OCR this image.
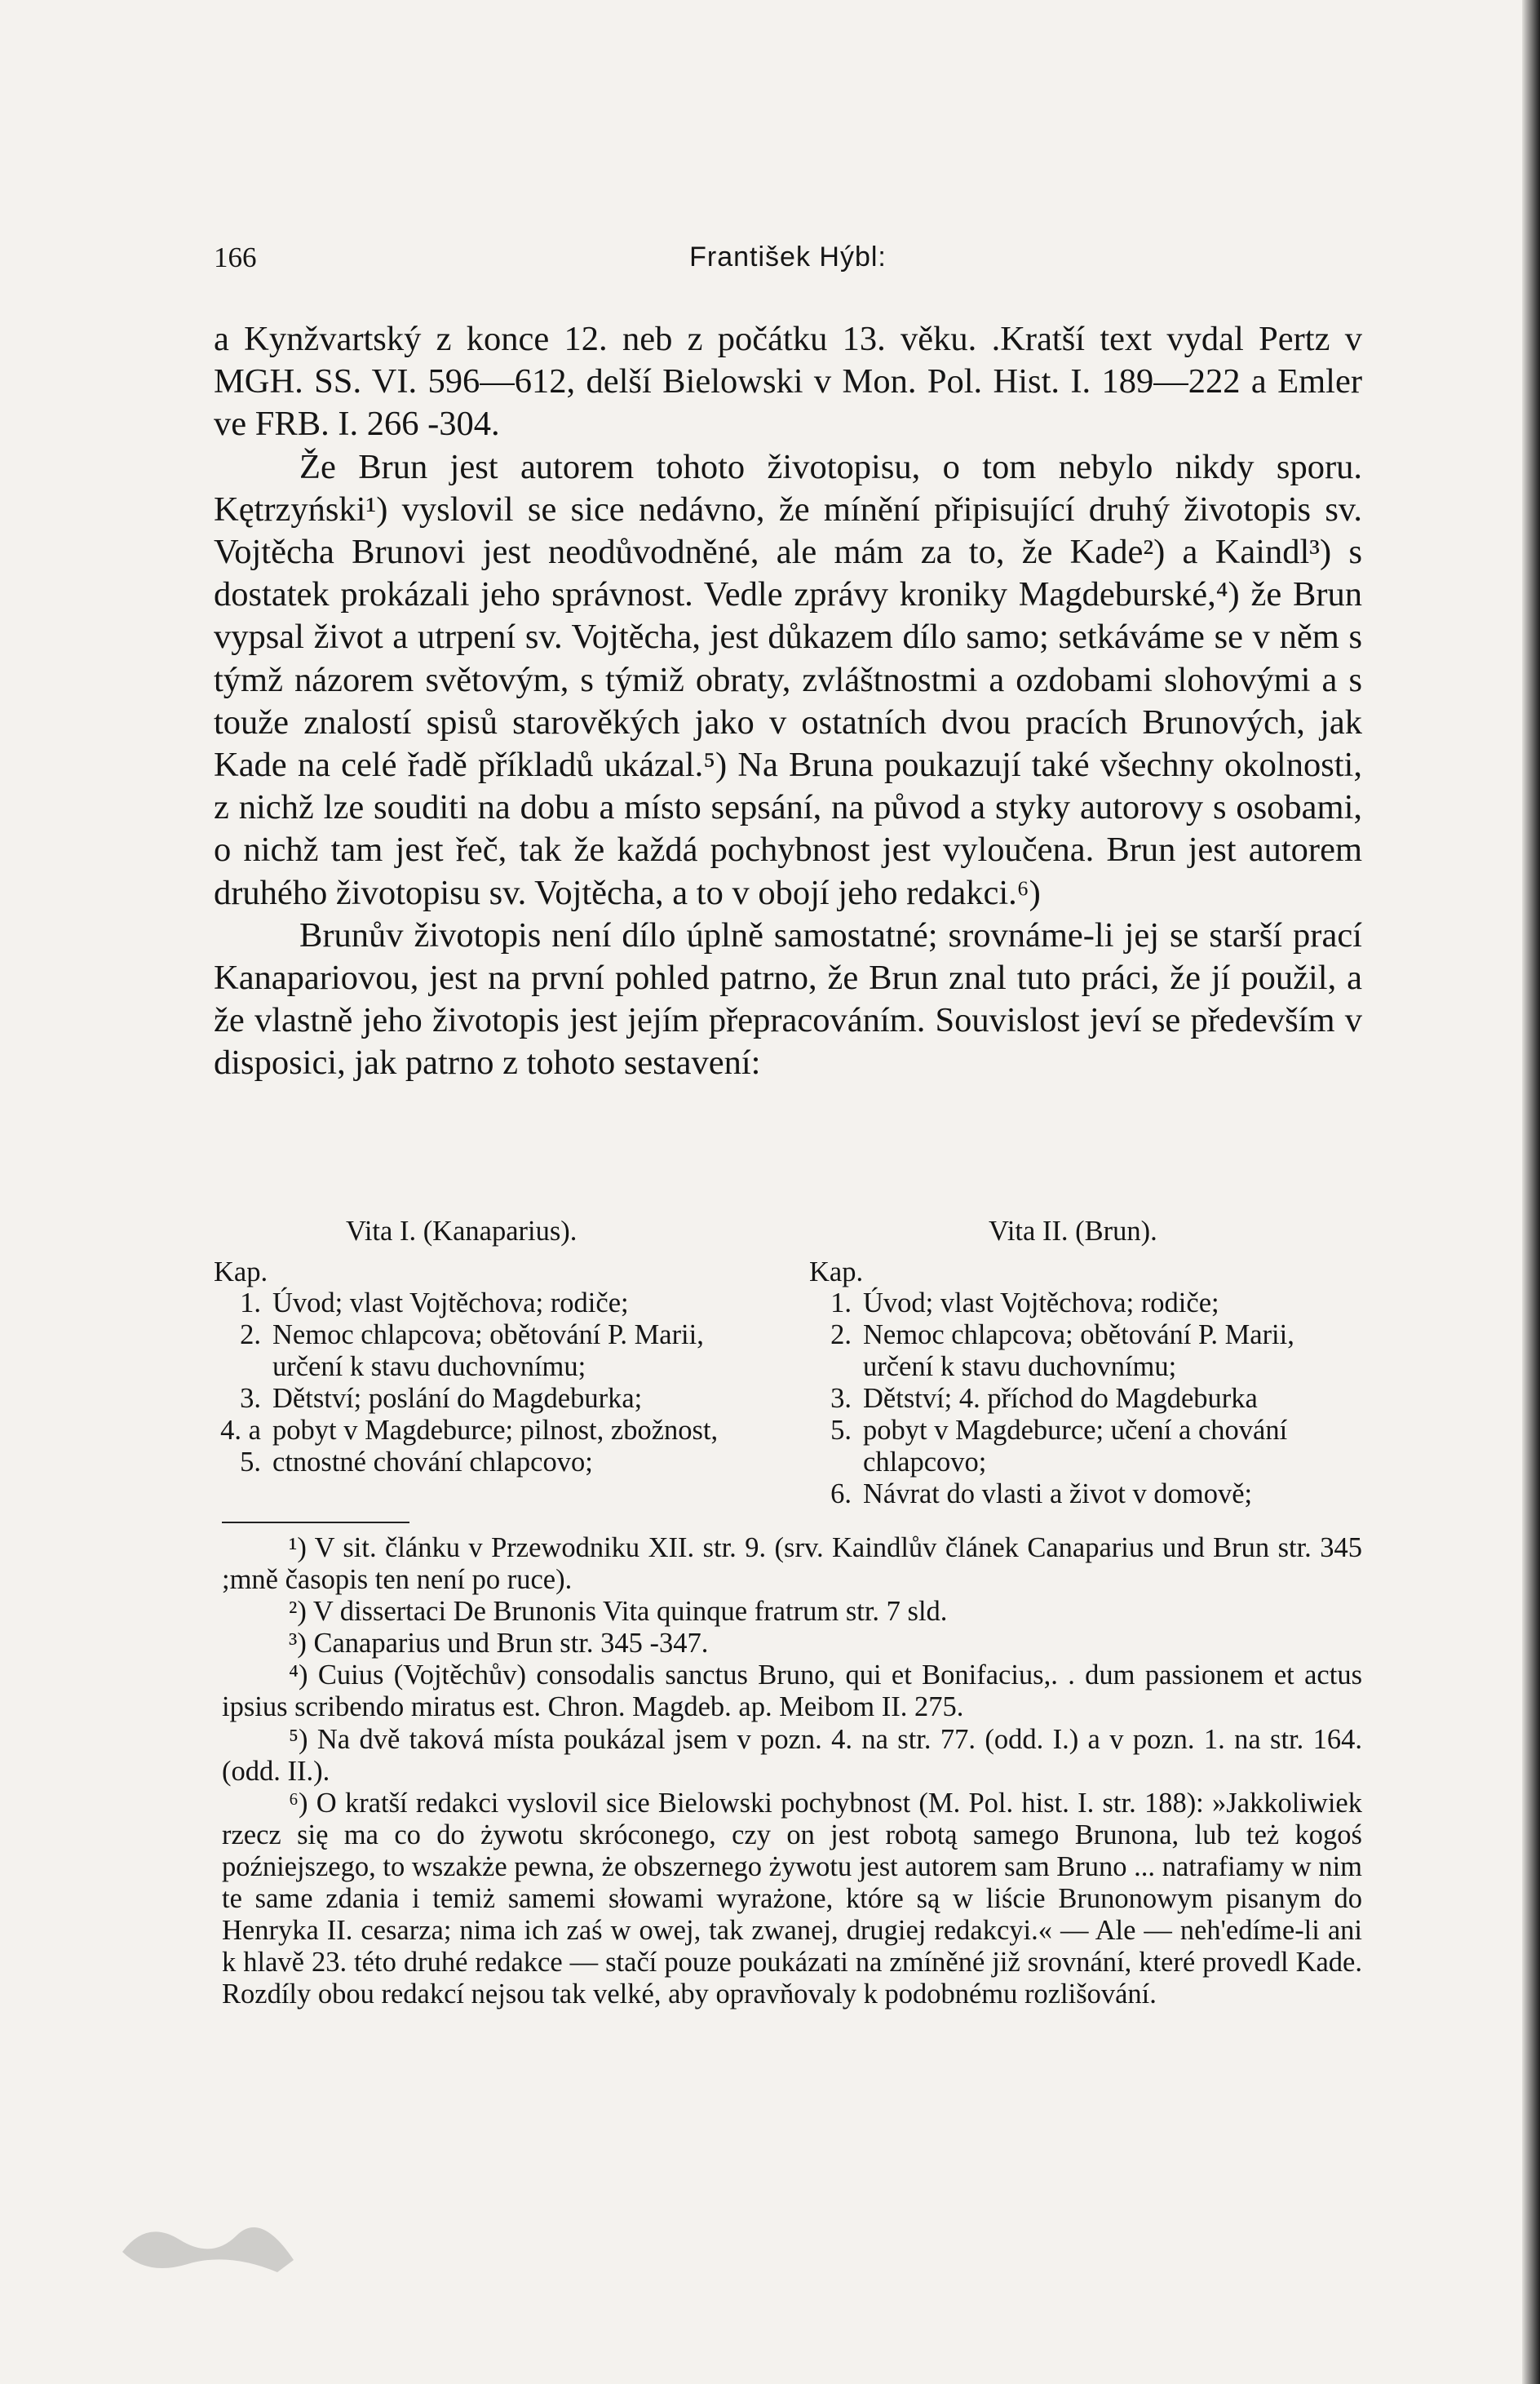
166	František Hýbl:

a Kynžvartský z konce 12. neb z počátku 13. věku. .Kratší text vydal Pertz v MGH. SS. VI. 596—612, delší Bielowski v Mon. Pol. Hist. I. 189—222 a Emler ve FRB. I. 266 -304.

Že Brun jest autorem tohoto životopisu, o tom nebylo nikdy sporu. Kętrzyński¹) vyslovil se sice nedávno, že mínění připisující druhý životopis sv. Vojtěcha Brunovi jest neodůvodněné, ale mám za to, že Kade²) a Kaindl³) s dostatek prokázali jeho správnost. Vedle zprávy kroniky Magdeburské,⁴) že Brun vypsal život a utrpení sv. Vojtěcha, jest důkazem dílo samo; setkáváme se v něm s týmž názorem světovým, s týmiž obraty, zvláštnostmi a ozdobami slohovými a s touže znalostí spisů starověkých jako v ostatních dvou pracích Brunových, jak Kade na celé řadě příkladů ukázal.⁵) Na Bruna poukazují také všechny okolnosti, z nichž lze souditi na dobu a místo sepsání, na původ a styky autorovy s osobami, o nichž tam jest řeč, tak že každá pochybnost jest vyloučena. Brun jest autorem druhého životopisu sv. Vojtěcha, a to v obojí jeho redakci.⁶)

Brunův životopis není dílo úplně samostatné; srovnáme-li jej se starší prací Kanapariovou, jest na první pohled patrno, že Brun znal tuto práci, že jí použil, a že vlastně jeho životopis jest jejím přepracováním. Souvislost jeví se především v disposici, jak patrno z tohoto sestavení:

Vita I. (Kanaparius).
Kap.
1. Úvod; vlast Vojtěchova; rodiče;
2. Nemoc chlapcova; obětování P. Marii, určení k stavu duchovnímu;
3. Dětství; poslání do Magdeburka;
4. a 5.
pobyt v Magdeburce; pilnost, zbožnost, ctnostné chování chlapcovo;
Vita II. (Brun).
Kap.
1. Úvod; vlast Vojtěchova; rodiče;
2. Nemoc chlapcova; obětování P. Marii, určení k stavu duchovnímu;
3. Dětství; 4. příchod do Magdeburka
5. pobyt v Magdeburce; učení a chování chlapcovo;
6. Návrat do vlasti a život v domově;

¹) V sit. článku v Przewodniku XII. str. 9. (srv. Kaindlův článek Canaparius und Brun str. 345 ;mně časopis ten není po ruce).

²) V dissertaci De Brunonis Vita quinque fratrum str. 7 sld.

³) Canaparius und Brun str. 345 -347.

⁴) Cuius (Vojtěchův) consodalis sanctus Bruno, qui et Bonifacius,. . dum passionem et actus ipsius scribendo miratus est. Chron. Magdeb. ap. Meibom II. 275.

⁵) Na dvě taková místa poukázal jsem v pozn. 4. na str. 77. (odd. I.) a v pozn. 1. na str. 164. (odd. II.).

⁶) O kratší redakci vyslovil sice Bielowski pochybnost (M. Pol. hist. I. str. 188): »Jakkoliwiek rzecz się ma co do żywotu skróconego, czy on jest robotą samego Brunona, lub też kogoś poźniejszego, to wszakże pewna, że obszernego żywotu jest autorem sam Bruno ... natrafiamy w nim te same zdania i temiż samemi słowami wyrażone, które są w liście Brunonowym pisanym do Henryka II. cesarza; nima ich zaś w owej, tak zwanej, drugiej redakcyi.« — Ale — neh'edíme-li ani k hlavě 23. této druhé redakce — stačí pouze poukázati na zmíněné již srovnání, které provedl Kade. Rozdíly obou redakcí nejsou tak velké, aby opravňovaly k podobnému rozlišování.
